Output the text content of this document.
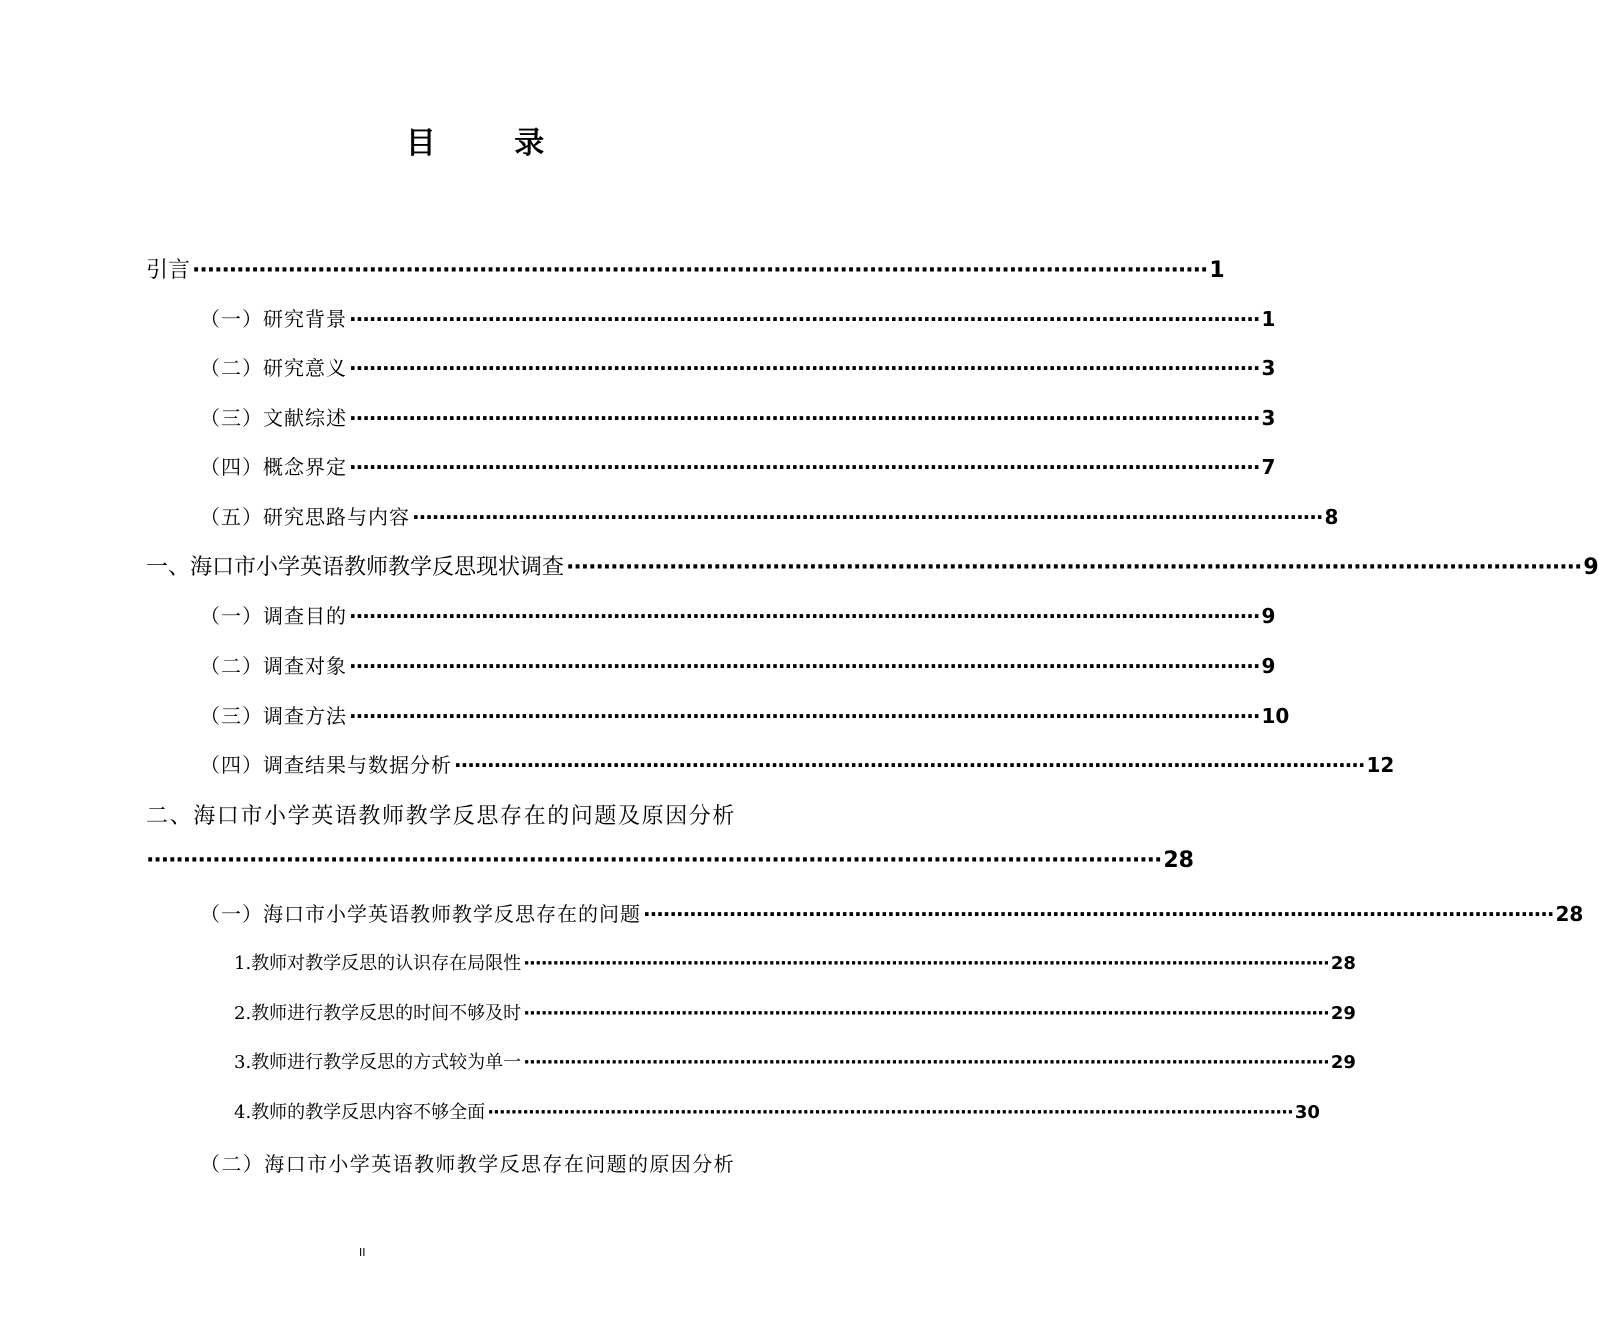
目 录
引言 ·········································································································································· 1
（一）研究背景 ·········································································································································· 1
（二）研究意义 ·········································································································································· 3
（三）文献综述 ·········································································································································· 3
（四）概念界定 ·········································································································································· 7
（五）研究思路与内容 ·········································································································································· 8
一、海口市小学英语教师教学反思现状调查 ·········································································································································· 9
（一）调查目的 ·········································································································································· 9
（二）调查对象 ·········································································································································· 9
（三）调查方法 ·········································································································································· 10
（四）调查结果与数据分析 ·········································································································································· 12
二、海口市小学英语教师教学反思存在的问题及原因分析
·········································································································································· 28
（一）海口市小学英语教师教学反思存在的问题 ·········································································································································· 28
1.教师对教学反思的认识存在局限性 ·········································································································································· 28
2.教师进行教学反思的时间不够及时 ·········································································································································· 29
3.教师进行教学反思的方式较为单一 ·········································································································································· 29
4.教师的教学反思内容不够全面 ·········································································································································· 30
（二）海口市小学英语教师教学反思存在问题的原因分析
II
